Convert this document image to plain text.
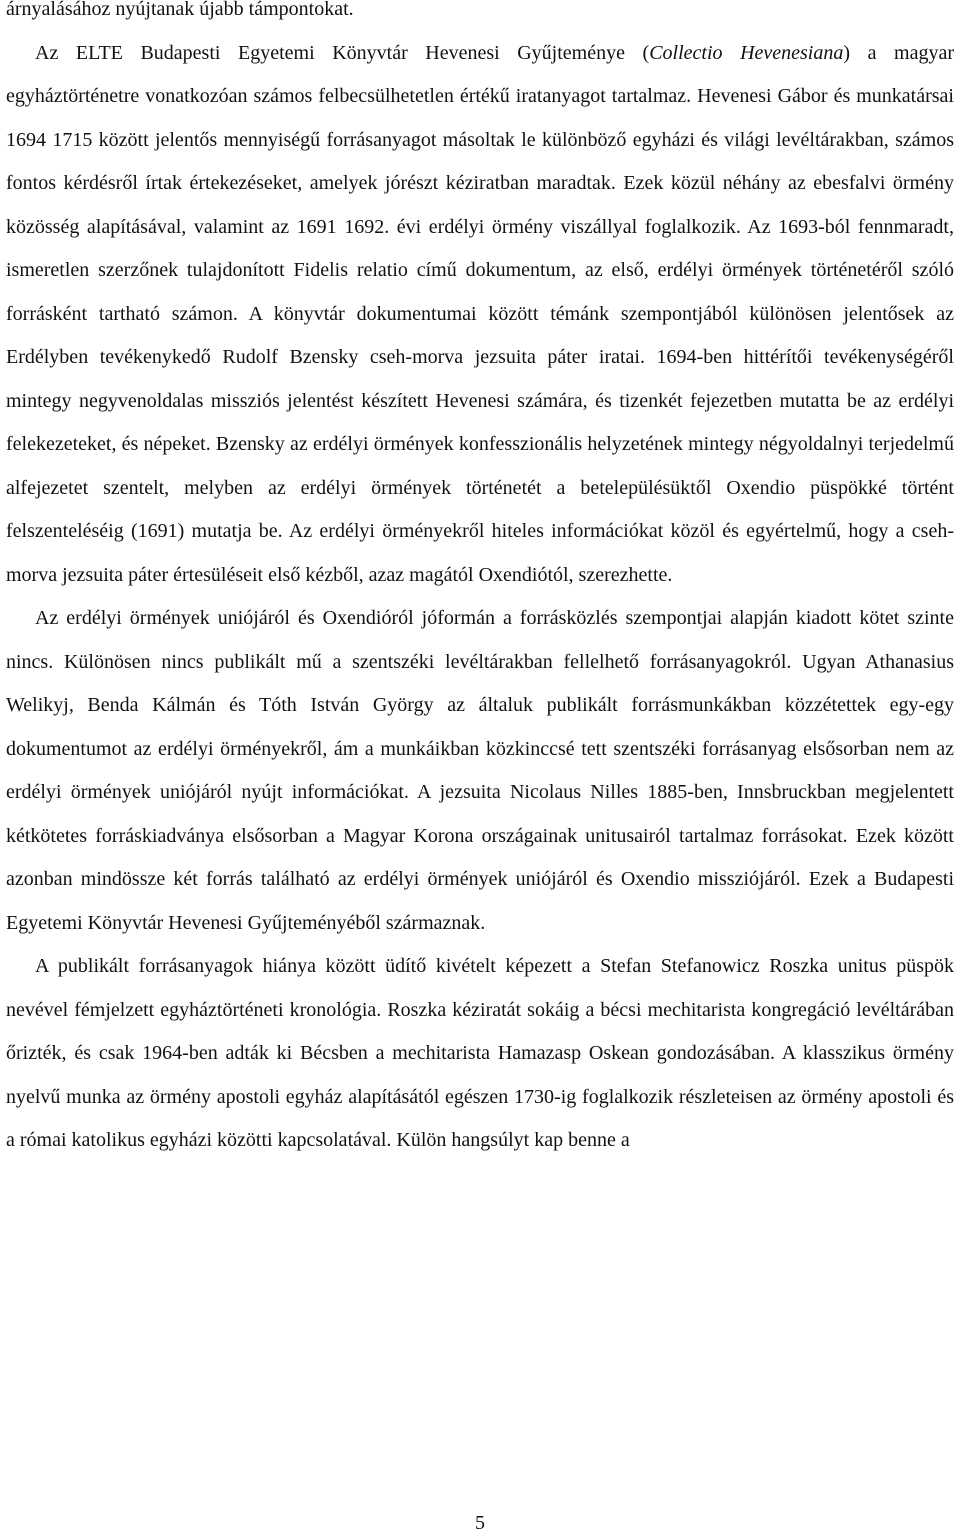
árnyalásához nyújtanak újabb támpontokat.

Az ELTE Budapesti Egyetemi Könyvtár Hevenesi Gyűjteménye (Collectio Hevenesiana) a magyar egyháztörténetre vonatkozóan számos felbecsülhetetlen értékű iratanyagot tartalmaz. Hevenesi Gábor és munkatársai 1694 1715 között jelentős mennyiségű forrásanyagot másoltak le különböző egyházi és világi levéltárakban, számos fontos kérdésről írtak értekezéseket, amelyek jórészt kéziratban maradtak. Ezek közül néhány az ebesfalvi örmény közösség alapításával, valamint az 1691 1692. évi erdélyi örmény viszállyal foglalkozik. Az 1693-ból fennmaradt, ismeretlen szerzőnek tulajdonított Fidelis relatio című dokumentum, az első, erdélyi örmények történetéről szóló forrásként tartható számon. A könyvtár dokumentumai között témánk szempontjából különösen jelentősek az Erdélyben tevékenykedő Rudolf Bzensky cseh-morva jezsuita páter iratai. 1694-ben hittérítői tevékenységéről mintegy negyvenoldalas missziós jelentést készített Hevenesi számára, és tizenkét fejezetben mutatta be az erdélyi felekezeteket, és népeket. Bzensky az erdélyi örmények konfesszionális helyzetének mintegy négyoldalnyi terjedelmű alfejezetet szentelt, melyben az erdélyi örmények történetét a betelepülésüktől Oxendio püspökké történt felszenteléséig (1691) mutatja be. Az erdélyi örményekről hiteles információkat közöl és egyértelmű, hogy a cseh-morva jezsuita páter értesüléseit első kézből, azaz magától Oxendiótól, szerezhette.

Az erdélyi örmények uniójáról és Oxendióról jóformán a forrásközlés szempontjai alapján kiadott kötet szinte nincs. Különösen nincs publikált mű a szentszéki levéltárakban fellelhető forrásanyagokról. Ugyan Athanasius Welikyj, Benda Kálmán és Tóth István György az általuk publikált forrásmunkákban közzétettek egy-egy dokumentumot az erdélyi örményekről, ám a munkáikban közkinccsé tett szentszéki forrásanyag elsősorban nem az erdélyi örmények uniójáról nyújt információkat. A jezsuita Nicolaus Nilles 1885-ben, Innsbruckban megjelentett kétkötetes forráskiadványa elsősorban a Magyar Korona országainak unitusairól tartalmaz forrásokat. Ezek között azonban mindössze két forrás található az erdélyi örmények uniójáról és Oxendio missziójáról. Ezek a Budapesti Egyetemi Könyvtár Hevenesi Gyűjteményéből származnak.

A publikált forrásanyagok hiánya között üdítő kivételt képezett a Stefan Stefanowicz Roszka unitus püspök nevével fémjelzett egyháztörténeti kronológia. Roszka kéziratát sokáig a bécsi mechitarista kongregáció levéltárában őrizték, és csak 1964-ben adták ki Bécsben a mechitarista Hamazasp Oskean gondozásában. A klasszikus örmény nyelvű munka az örmény apostoli egyház alapításától egészen 1730-ig foglalkozik részleteisen az örmény apostoli és a római katolikus egyházi közötti kapcsolatával. Külön hangsúlyt kap benne a

5
